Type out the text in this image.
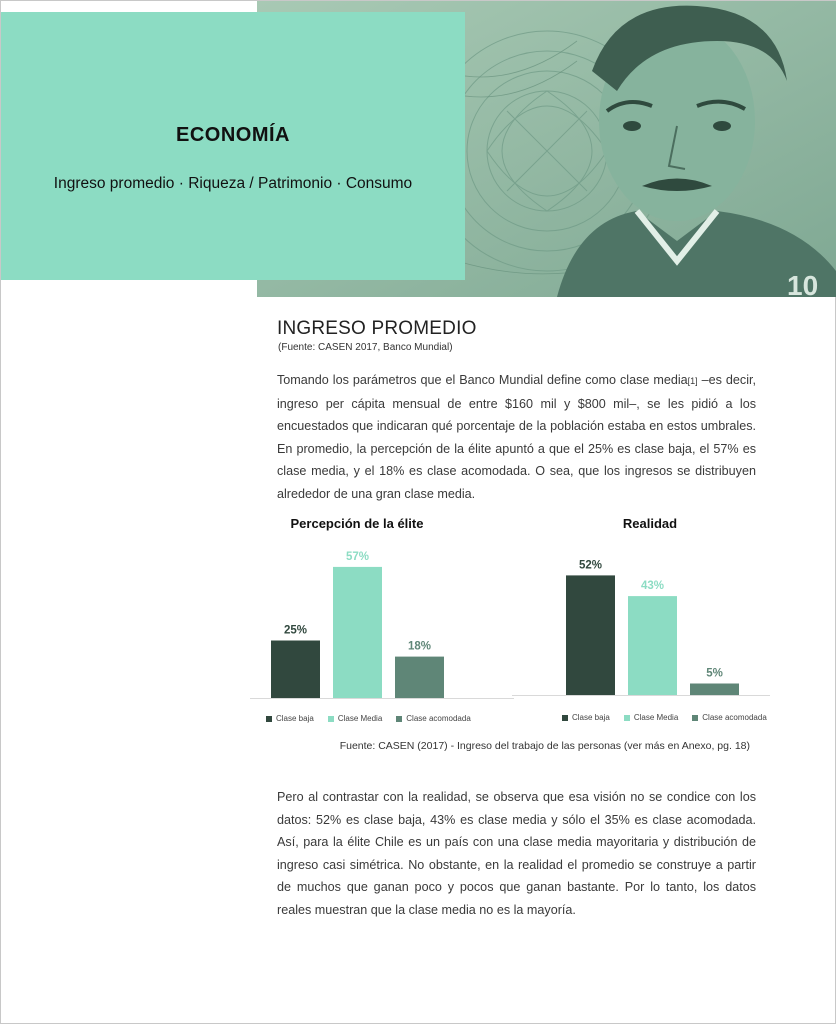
10
ECONOMÍA
Ingreso promedio · Riqueza / Patrimonio · Consumo
INGRESO PROMEDIO
(Fuente: CASEN 2017, Banco Mundial)

Tomando los parámetros que el Banco Mundial define como clase media[1] –es decir, ingreso per cápita mensual de entre $160 mil y $800 mil–, se les pidió a los encuestados que indicaran qué porcentaje de la población estaba en estos umbrales. En promedio, la percepción de la élite apuntó a que el 25% es clase baja, el 57% es clase media, y el 18% es clase acomodada. O sea, que los ingresos se distribuyen alrededor de una gran clase media.

Percepción de la élite
25%
57%
18%
Clase baja	Clase Media	Clase acomodada
Realidad
52%
43%
5%
Clase baja	Clase Media	Clase acomodada
Fuente: CASEN (2017) - Ingreso del trabajo de las personas (ver más en Anexo, pg. 18)

Pero al contrastar con la realidad, se observa que esa visión no se condice con los datos: 52% es clase baja, 43% es clase media y sólo el 35% es clase acomodada. Así, para la élite Chile es un país con una clase media mayoritaria y distribución de ingreso casi simétrica. No obstante, en la realidad el promedio se construye a partir de muchos que ganan poco y pocos que ganan bastante. Por lo tanto, los datos reales muestran que la clase media no es la mayoría.
